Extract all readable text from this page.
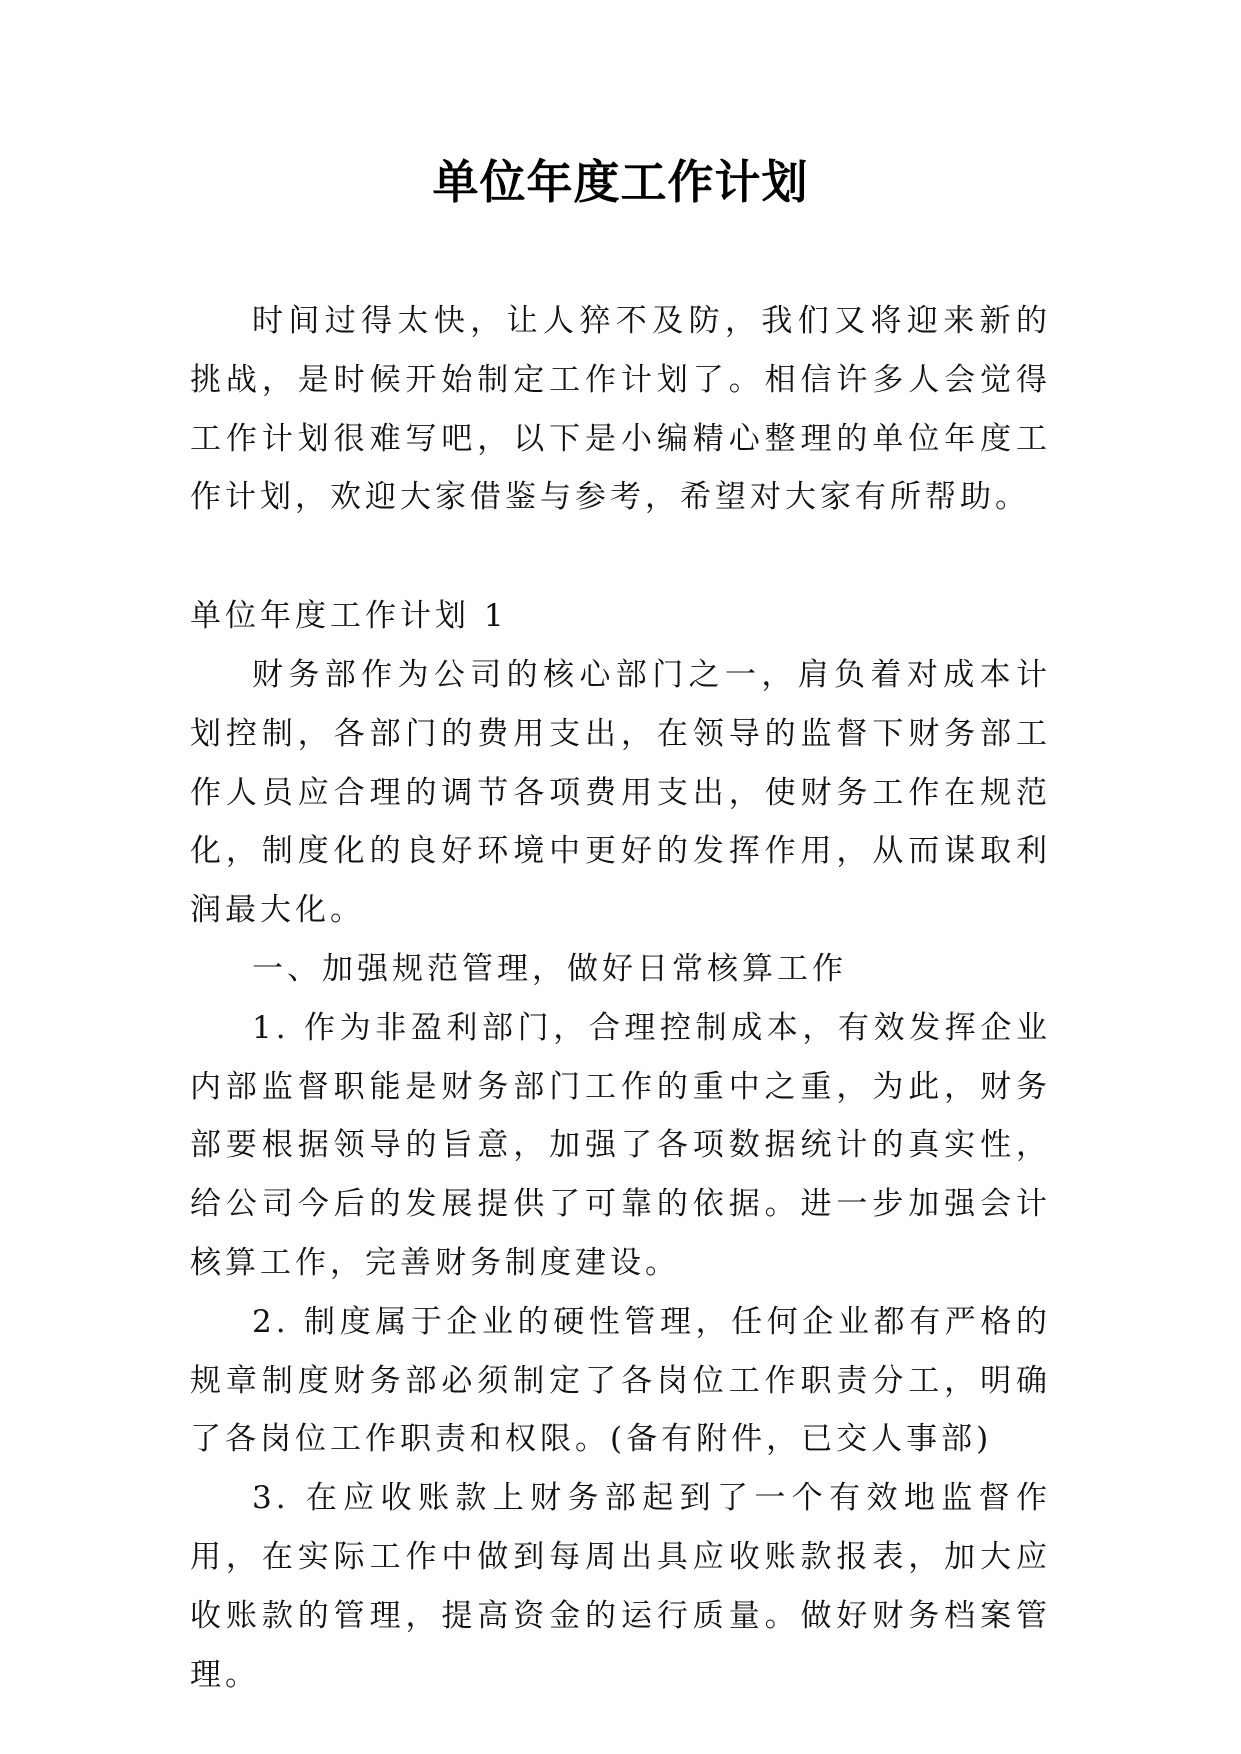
单位年度工作计划

时间过得太快，让人猝不及防，我们又将迎来新的挑战，是时候开始制定工作计划了。相信许多人会觉得工作计划很难写吧，以下是小编精心整理的单位年度工作计划，欢迎大家借鉴与参考，希望对大家有所帮助。

单位年度工作计划 1

财务部作为公司的核心部门之一，肩负着对成本计划控制，各部门的费用支出，在领导的监督下财务部工作人员应合理的调节各项费用支出，使财务工作在规范化，制度化的良好环境中更好的发挥作用，从而谋取利润最大化。

一、加强规范管理，做好日常核算工作

1. 作为非盈利部门，合理控制成本，有效发挥企业内部监督职能是财务部门工作的重中之重，为此，财务部要根据领导的旨意，加强了各项数据统计的真实性，给公司今后的发展提供了可靠的依据。进一步加强会计核算工作，完善财务制度建设。

2. 制度属于企业的硬性管理，任何企业都有严格的规章制度财务部必须制定了各岗位工作职责分工，明确了各岗位工作职责和权限。(备有附件，已交人事部)

3. 在应收账款上财务部起到了一个有效地监督作用，在实际工作中做到每周出具应收账款报表，加大应收账款的管理，提高资金的运行质量。做好财务档案管理。
